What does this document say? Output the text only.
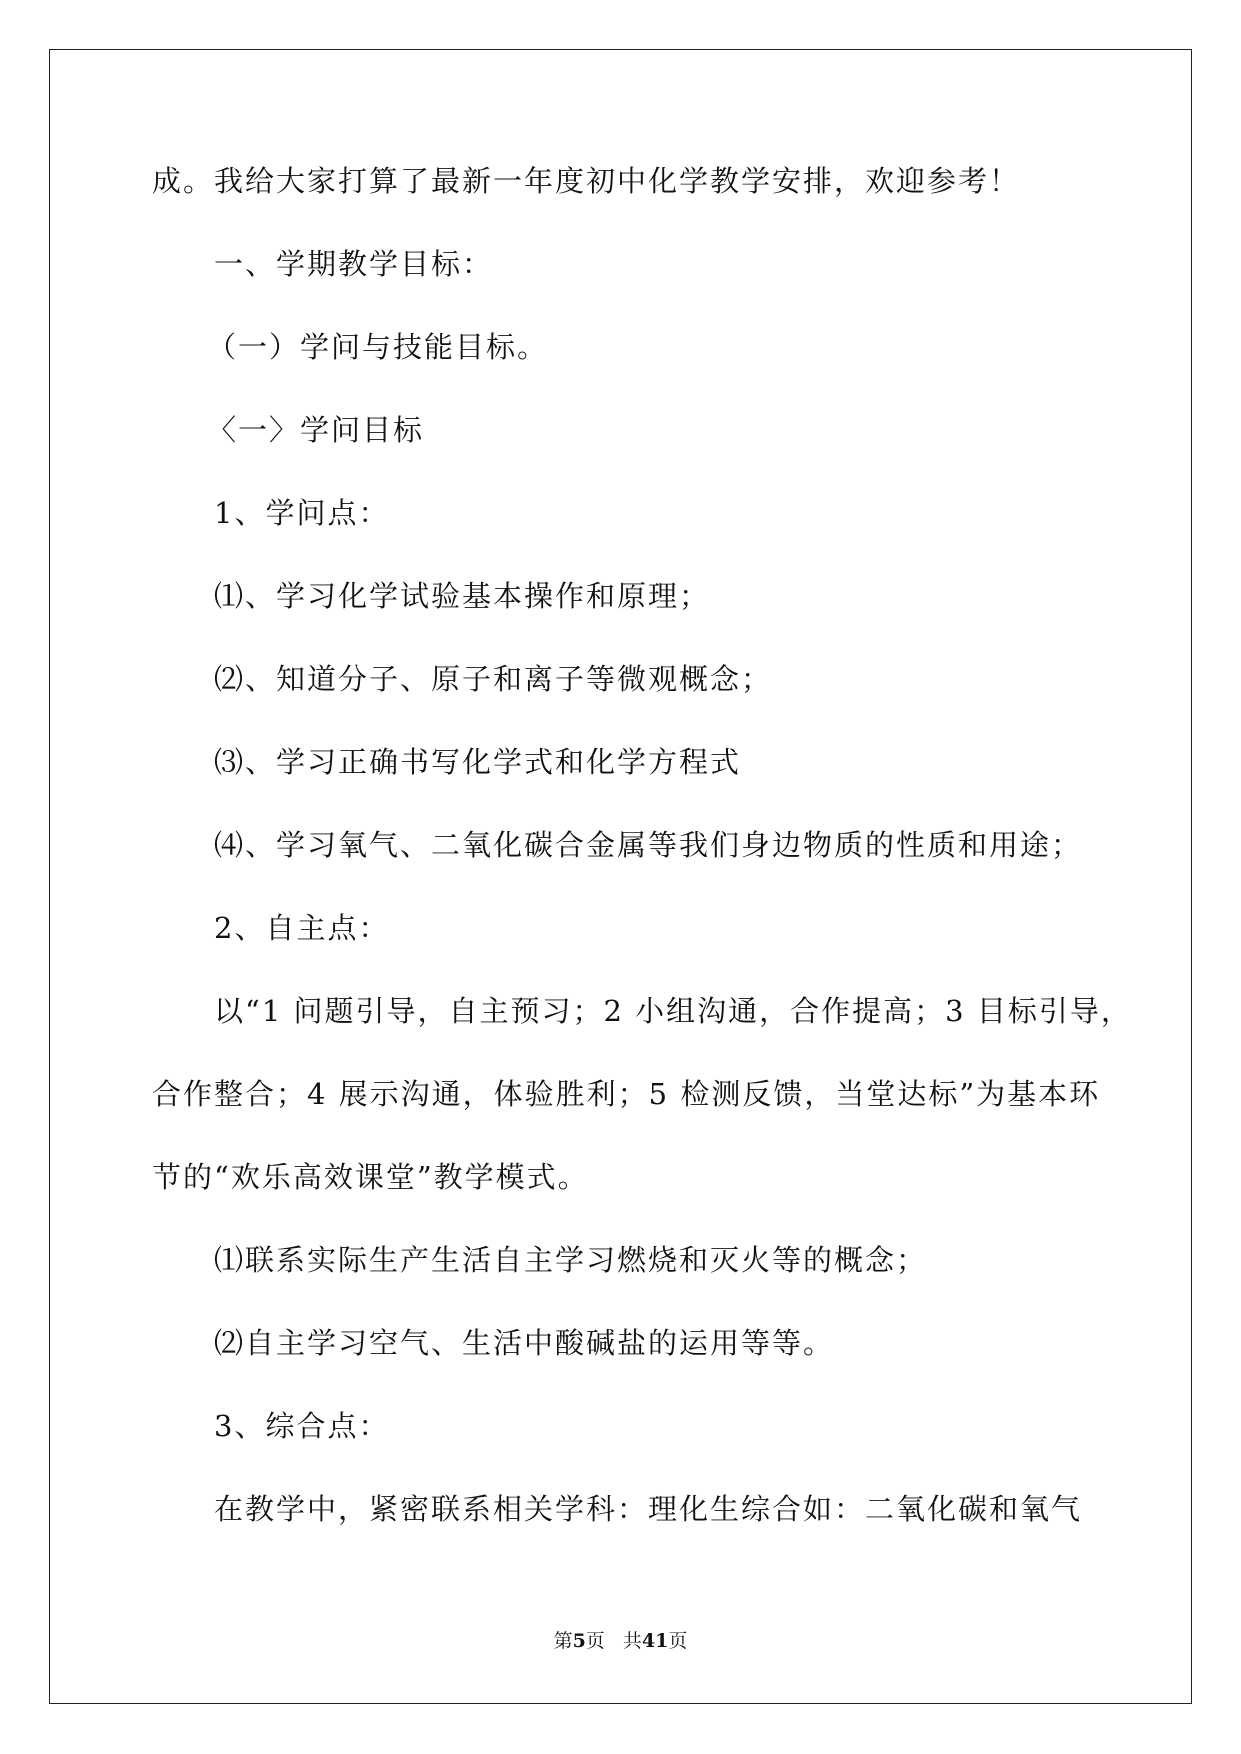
成。我给大家打算了最新一年度初中化学教学安排，欢迎参考！

一、学期教学目标：

（一）学问与技能目标。

〈一〉学问目标

1、学问点：

⑴、学习化学试验基本操作和原理；

⑵、知道分子、原子和离子等微观概念；

⑶、学习正确书写化学式和化学方程式

⑷、学习氧气、二氧化碳合金属等我们身边物质的性质和用途；

2、自主点：

以“1 问题引导，自主预习；2 小组沟通，合作提高；3 目标引导，

合作整合；4 展示沟通，体验胜利；5 检测反馈，当堂达标”为基本环

节的“欢乐高效课堂”教学模式。

⑴联系实际生产生活自主学习燃烧和灭火等的概念；

⑵自主学习空气、生活中酸碱盐的运用等等。

3、综合点：

在教学中，紧密联系相关学科：理化生综合如：二氧化碳和氧气

第5页 共41页
